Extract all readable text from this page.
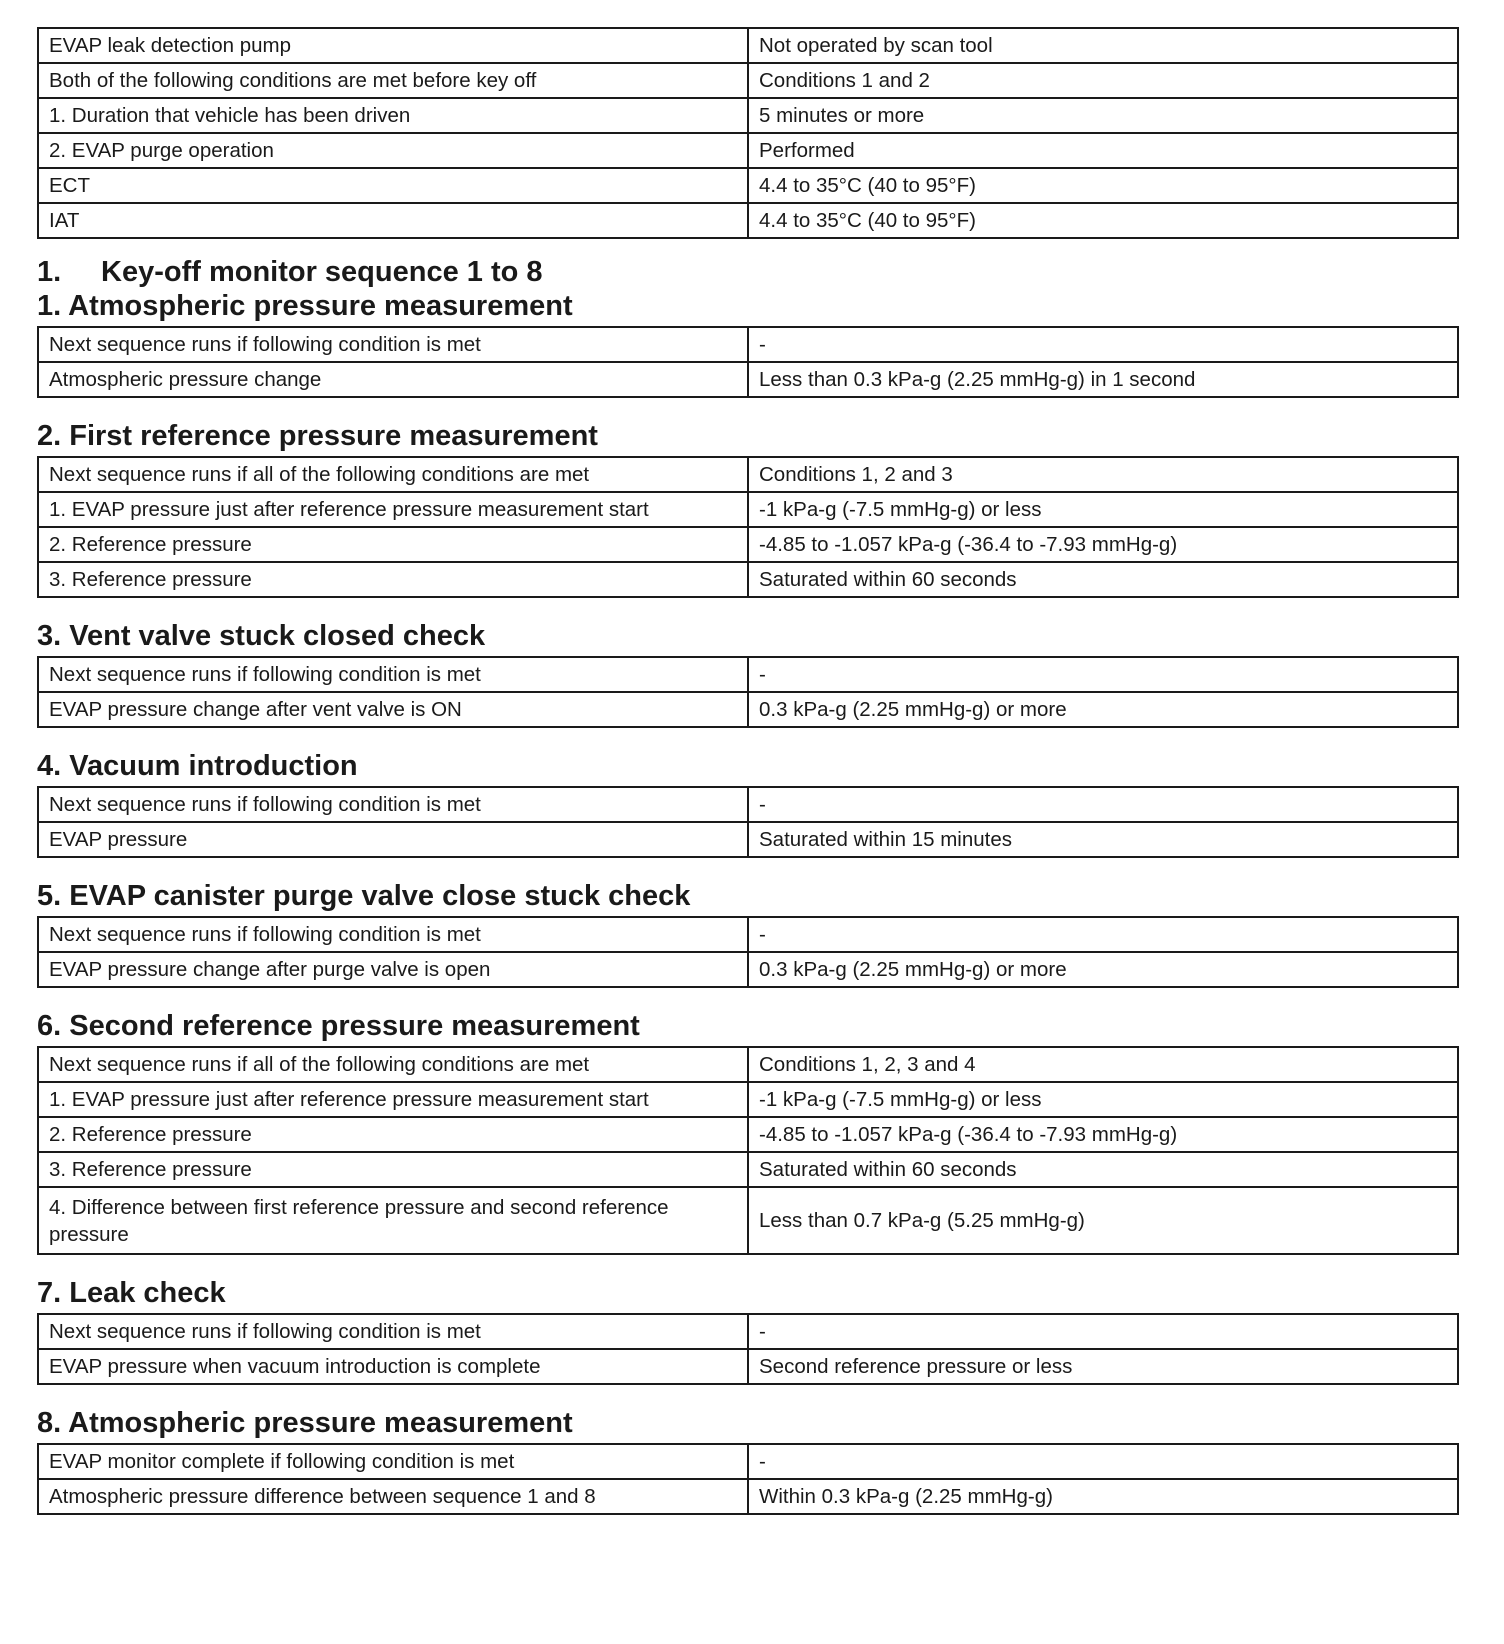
EVAP leak detection pump	Not operated by scan tool
Both of the following conditions are met before key off	Conditions 1 and 2
1. Duration that vehicle has been driven	5 minutes or more
2. EVAP purge operation	Performed
ECT	4.4 to 35°C (40 to 95°F)
IAT	4.4 to 35°C (40 to 95°F)
1. Key-off monitor sequence 1 to 8
1. Atmospheric pressure measurement
Next sequence runs if following condition is met	-
Atmospheric pressure change	Less than 0.3 kPa-g (2.25 mmHg-g) in 1 second
2. First reference pressure measurement
Next sequence runs if all of the following conditions are met	Conditions 1, 2 and 3
1. EVAP pressure just after reference pressure measurement start	-1 kPa-g (-7.5 mmHg-g) or less
2. Reference pressure	-4.85 to -1.057 kPa-g (-36.4 to -7.93 mmHg-g)
3. Reference pressure	Saturated within 60 seconds
3. Vent valve stuck closed check
Next sequence runs if following condition is met	-
EVAP pressure change after vent valve is ON	0.3 kPa-g (2.25 mmHg-g) or more
4. Vacuum introduction
Next sequence runs if following condition is met	-
EVAP pressure	Saturated within 15 minutes
5. EVAP canister purge valve close stuck check
Next sequence runs if following condition is met	-
EVAP pressure change after purge valve is open	0.3 kPa-g (2.25 mmHg-g) or more
6. Second reference pressure measurement
Next sequence runs if all of the following conditions are met	Conditions 1, 2, 3 and 4
1. EVAP pressure just after reference pressure measurement start	-1 kPa-g (-7.5 mmHg-g) or less
2. Reference pressure	-4.85 to -1.057 kPa-g (-36.4 to -7.93 mmHg-g)
3. Reference pressure	Saturated within 60 seconds
4. Difference between first reference pressure and second reference pressure	Less than 0.7 kPa-g (5.25 mmHg-g)
7. Leak check
Next sequence runs if following condition is met	-
EVAP pressure when vacuum introduction is complete	Second reference pressure or less
8. Atmospheric pressure measurement
EVAP monitor complete if following condition is met	-
Atmospheric pressure difference between sequence 1 and 8	Within 0.3 kPa-g (2.25 mmHg-g)
